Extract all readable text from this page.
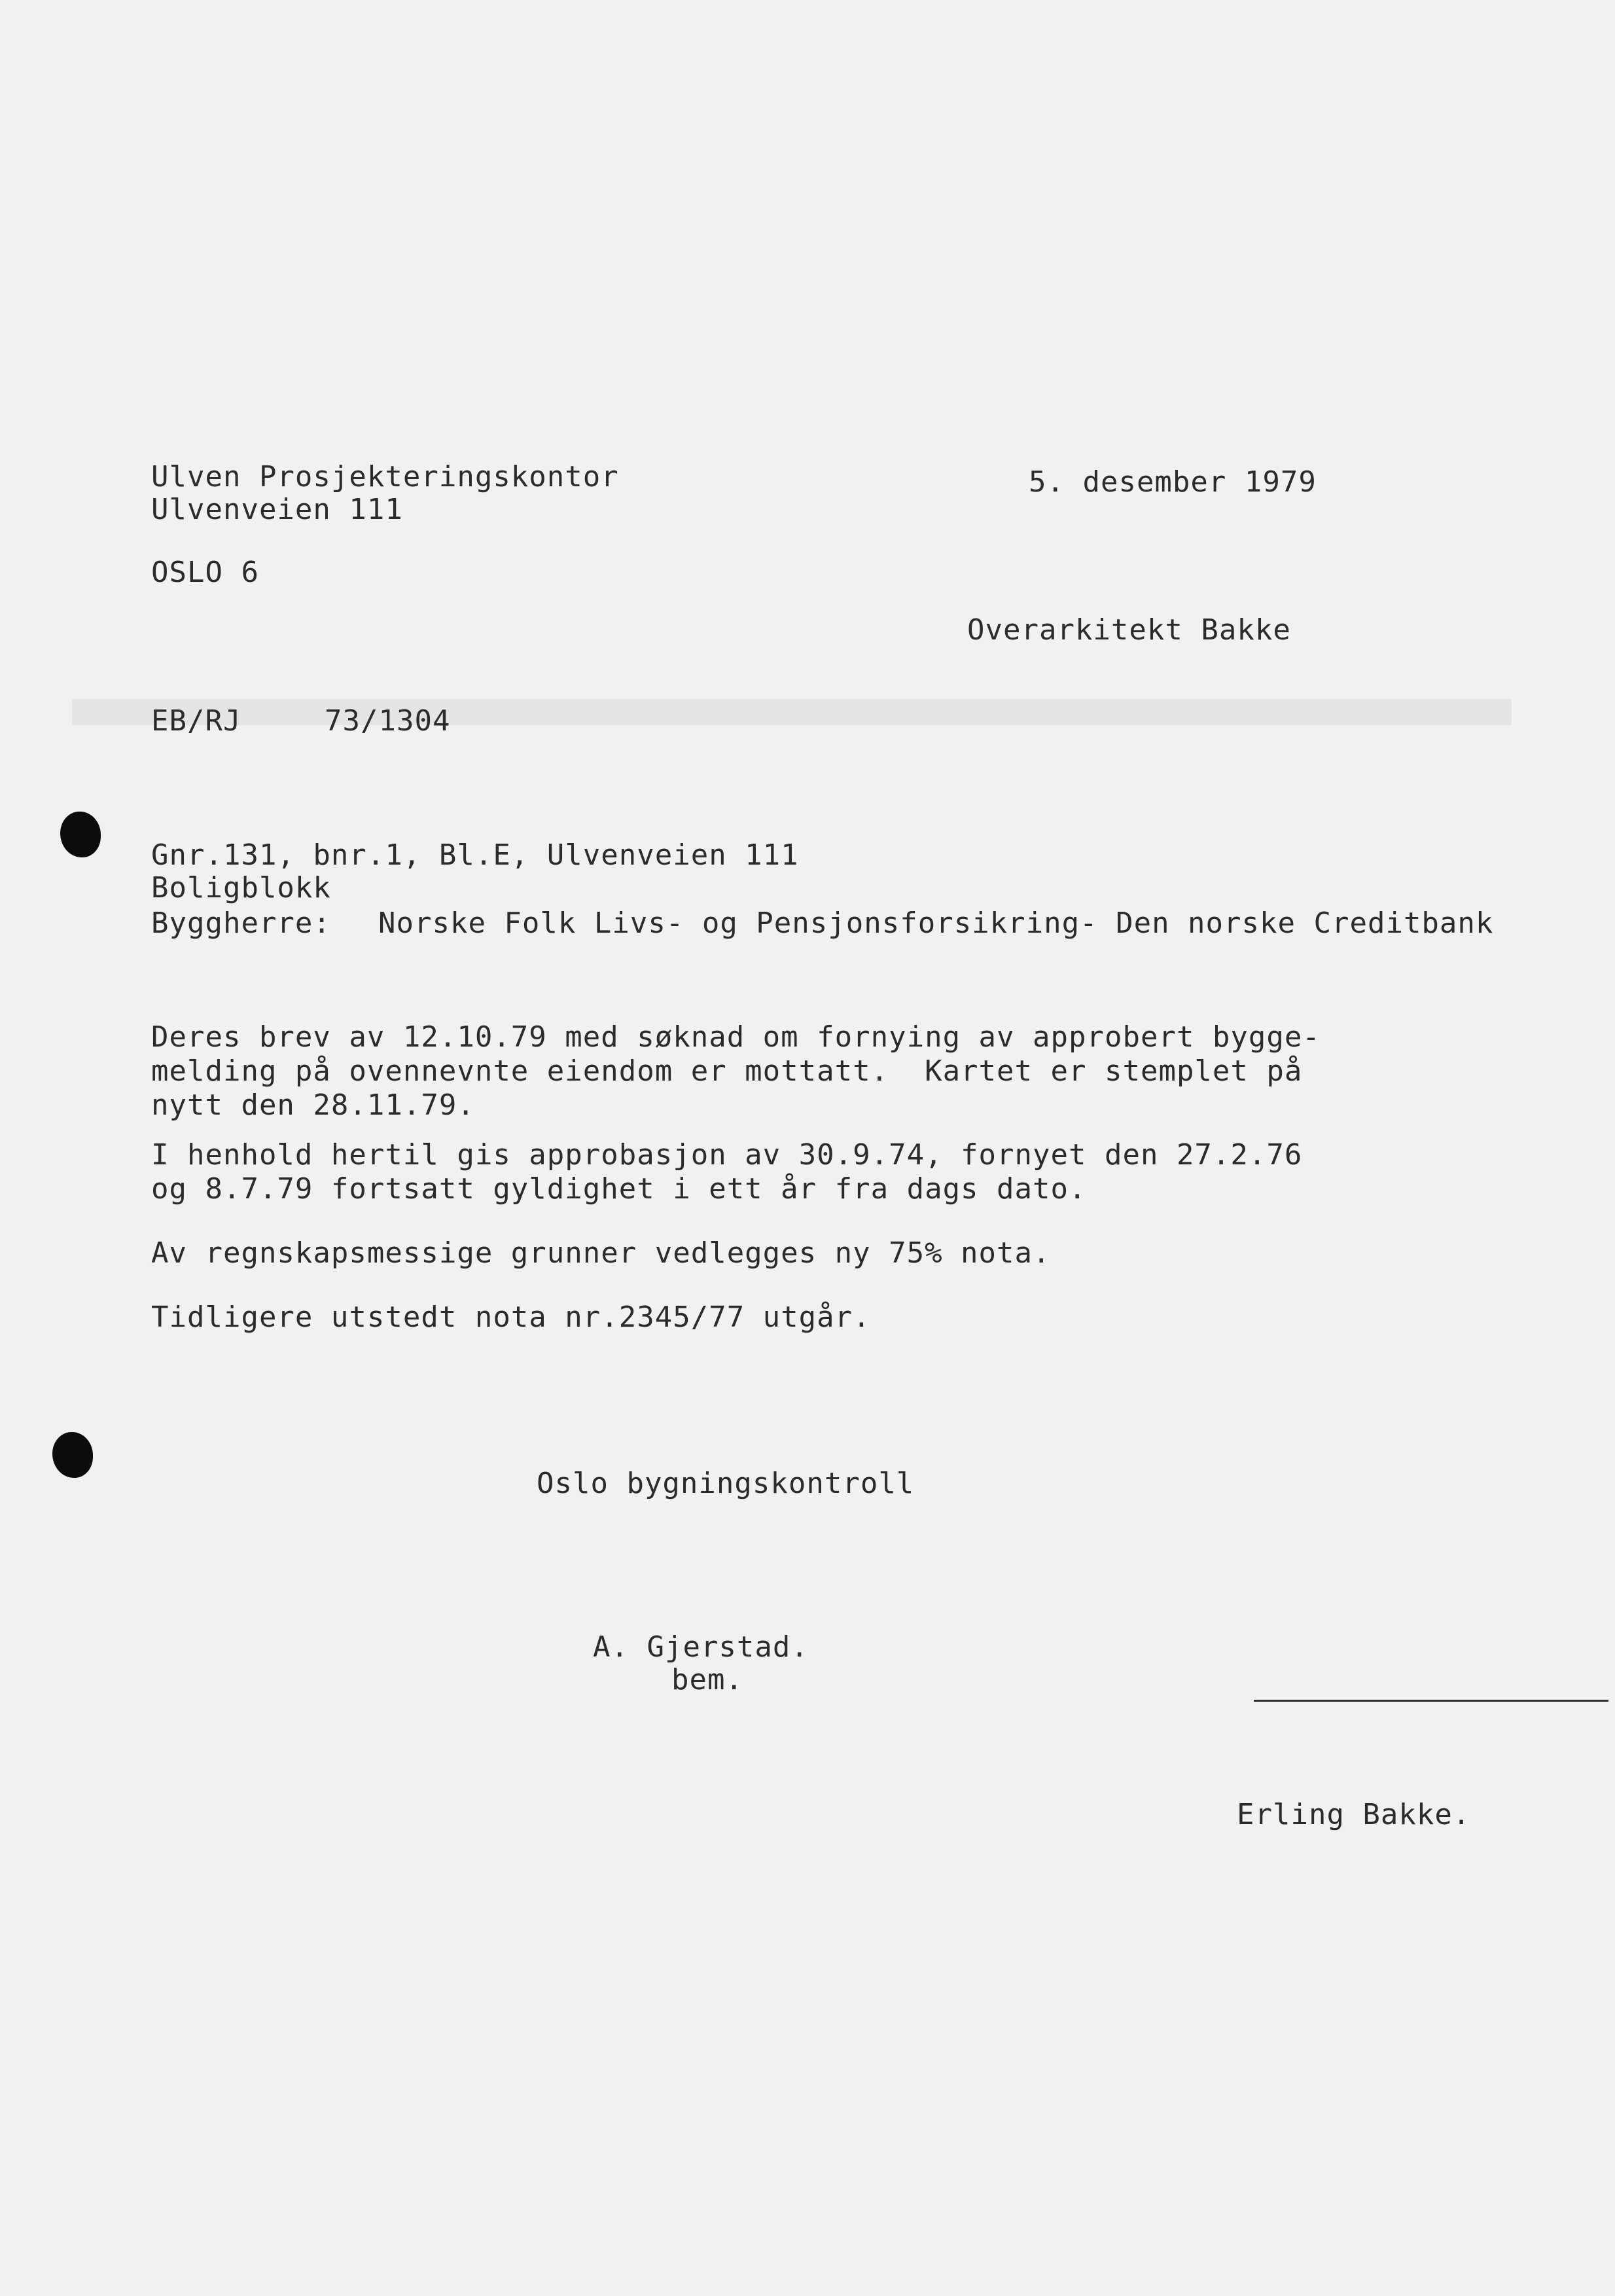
Ulven Prosjekteringskontor
Ulvenveien 111
OSLO 6
5. desember 1979
Overarkitekt Bakke
EB/RJ	73/1304
Gnr.131, bnr.1, Bl.E, Ulvenveien 111
Boligblokk
Byggherre: Norske Folk Livs- og Pensjonsforsikring- Den norske Creditbank
Deres brev av 12.10.79 med søknad om fornying av approbert bygge-
melding på ovennevnte eiendom er mottatt.  Kartet er stemplet på
nytt den 28.11.79.
I henhold hertil gis approbasjon av 30.9.74, fornyet den 27.2.76
og 8.7.79 fortsatt gyldighet i ett år fra dags dato.
Av regnskapsmessige grunner vedlegges ny 75% nota.
Tidligere utstedt nota nr.2345/77 utgår.
Oslo bygningskontroll
A. Gjerstad.
bem.
Erling Bakke.
